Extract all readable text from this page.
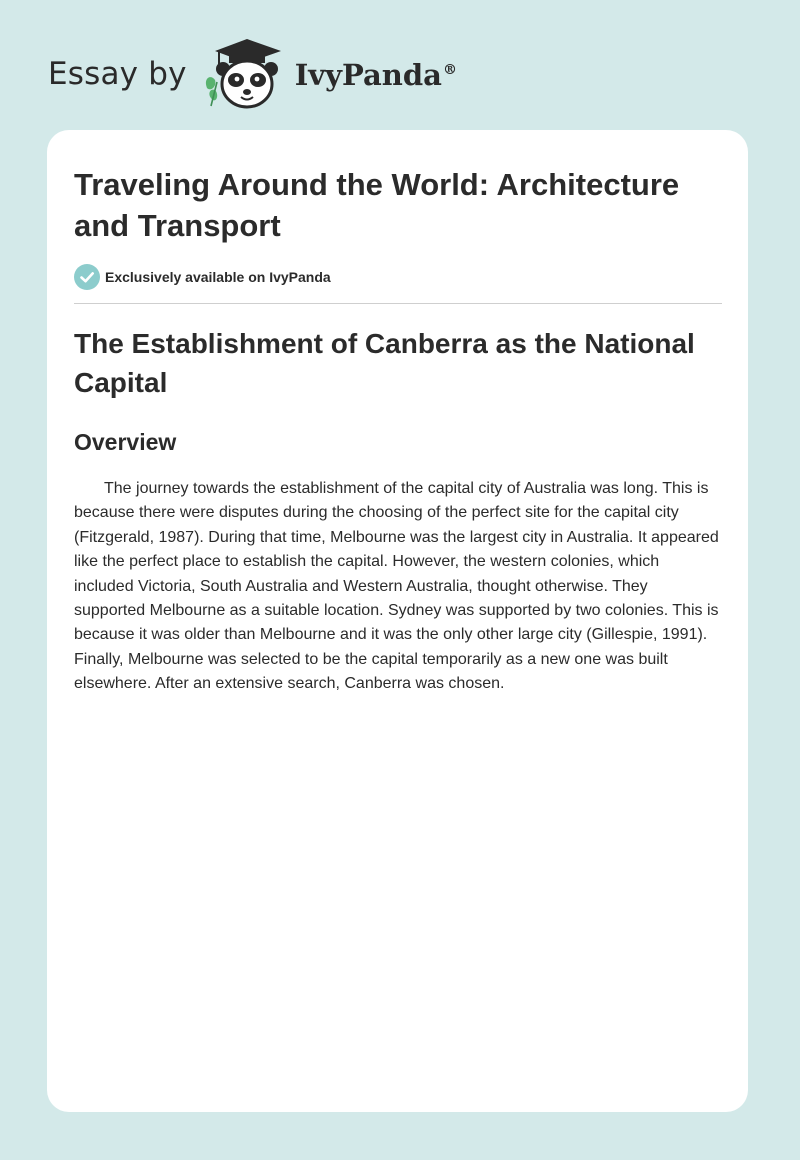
Essay by	IvyPanda®
Traveling Around the World: Architecture and Transport
Exclusively available on IvyPanda
The Establishment of Canberra as the National Capital
Overview

The journey towards the establishment of the capital city of Australia was long. This is because there were disputes during the choosing of the perfect site for the capital city (Fitzgerald, 1987). During that time, Melbourne was the largest city in Australia. It appeared like the perfect place to establish the capital. However, the western colonies, which included Victoria, South Australia and Western Australia, thought otherwise. They supported Melbourne as a suitable location. Sydney was supported by two colonies. This is because it was older than Melbourne and it was the only other large city (Gillespie, 1991). Finally, Melbourne was selected to be the capital temporarily as a new one was built elsewhere. After an extensive search, Canberra was chosen.
